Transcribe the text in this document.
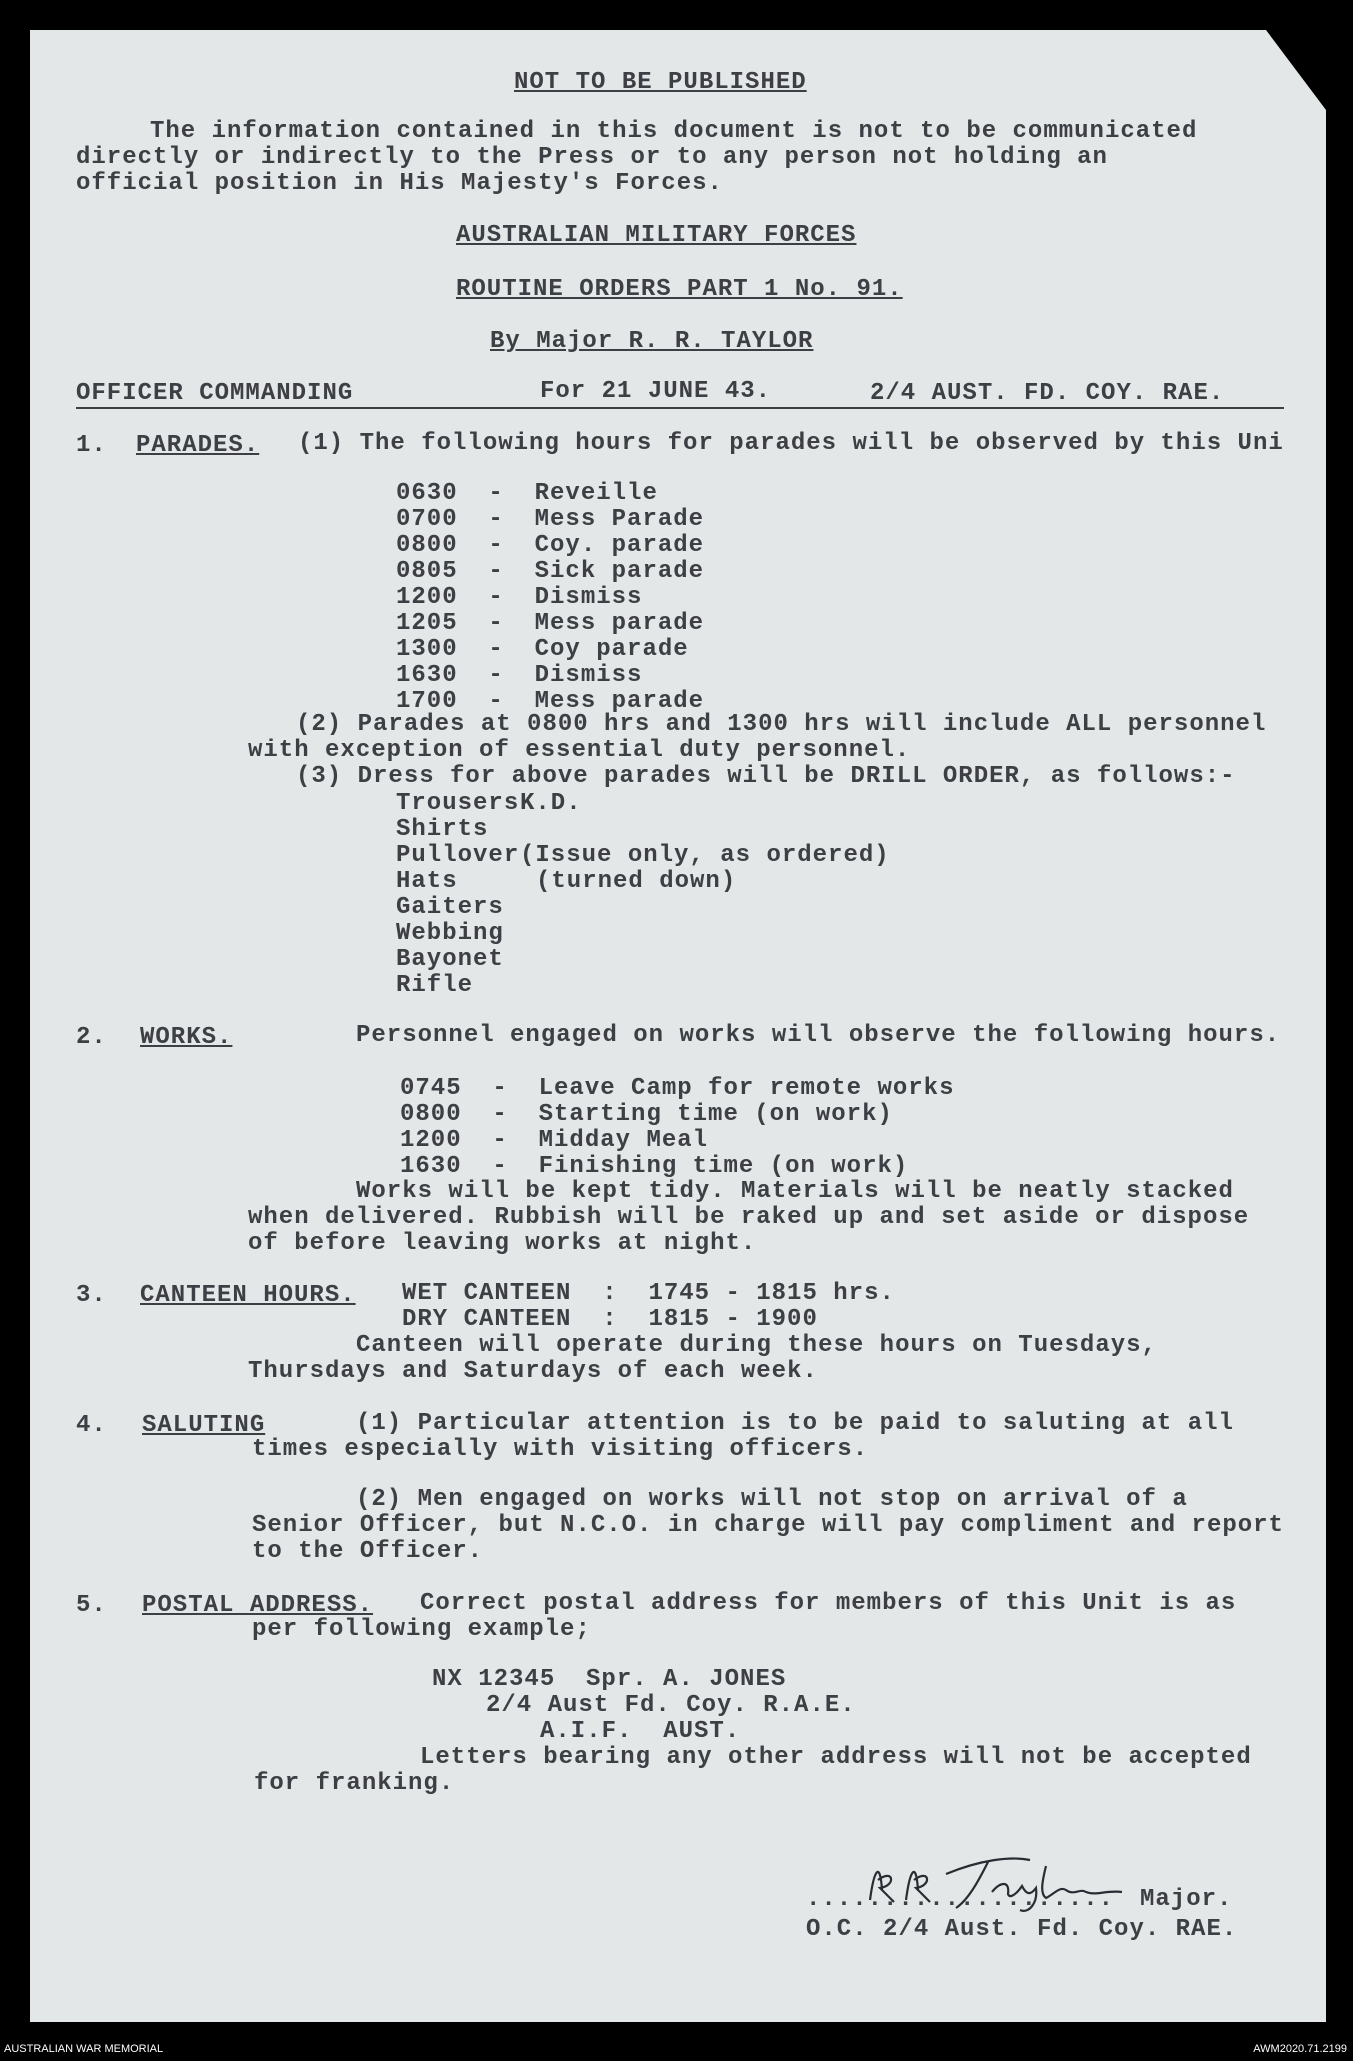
NOT TO BE PUBLISHED
The information contained in this document is not to be communicated
directly or indirectly to the Press or to any person not holding an
official position in His Majesty's Forces.
AUSTRALIAN MILITARY FORCES
ROUTINE ORDERS PART 1 No. 91.
By Major R. R. TAYLOR
OFFICER COMMANDING	For 21 JUNE 43.	2/4 AUST. FD. COY. RAE.
1. PARADES. (1) The following hours for parades will be observed by this Uni
0630  -  Reveille
0700  -  Mess Parade
0800  -  Coy. parade
0805  -  Sick parade
1200  -  Dismiss
1205  -  Mess parade
1300  -  Coy parade
1630  -  Dismiss
1700  -  Mess parade
(2) Parades at 0800 hrs and 1300 hrs will include ALL personnel
with exception of essential duty personnel.
(3) Dress for above parades will be DRILL ORDER, as follows:-
Trousers K.D.
Shirts
Pullover (Issue only, as ordered)
Hats	(turned down)
Gaiters
Webbing
Bayonet
Rifle
2. WORKS.	Personnel engaged on works will observe the following hours.
0745  -  Leave Camp for remote works
0800  -  Starting time (on work)
1200  -  Midday Meal
1630  -  Finishing time (on work)
Works will be kept tidy. Materials will be neatly stacked
when delivered. Rubbish will be raked up and set aside or dispose
of before leaving works at night.
3. CANTEEN HOURS. WET CANTEEN  :  1745 - 1815 hrs.
DRY CANTEEN  :  1815 - 1900
Canteen will operate during these hours on Tuesdays,
Thursdays and Saturdays of each week.
4. SALUTING	(1) Particular attention is to be paid to saluting at all
times especially with visiting officers.
(2) Men engaged on works will not stop on arrival of a
Senior Officer, but N.C.O. in charge will pay compliment and report
to the Officer.
5. POSTAL ADDRESS. Correct postal address for members of this Unit is as
per following example;
NX 12345  Spr. A. JONES
2/4 Aust Fd. Coy. R.A.E.
A.I.F.  AUST.
Letters bearing any other address will not be accepted
for franking.
.................... Major.
O.C. 2/4 Aust. Fd. Coy. RAE.
AUSTRALIAN WAR MEMORIAL	AWM2020.71.2199
